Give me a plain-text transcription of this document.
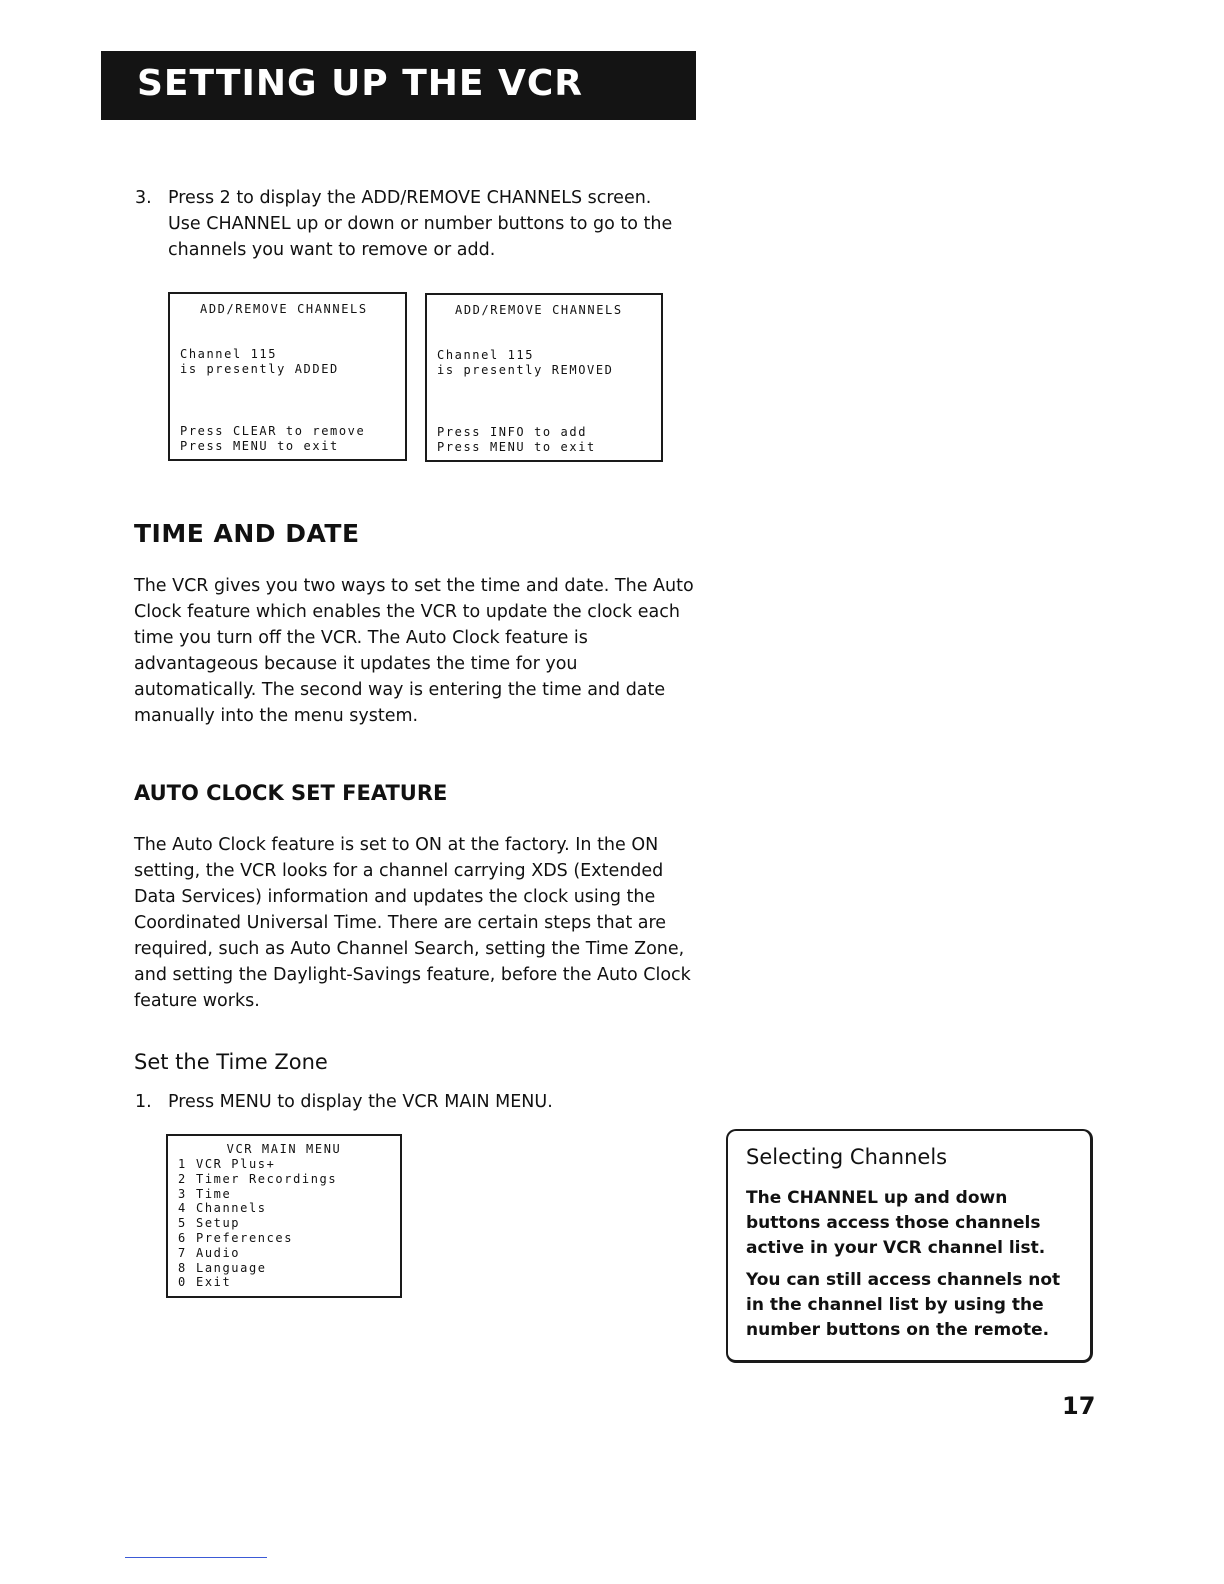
SETTING UP THE VCR
3. Press 2 to display the ADD/REMOVE CHANNELS screen. Use CHANNEL up or down or number buttons to go to the channels you want to remove or add.

ADD/REMOVE CHANNELS

Channel 115

is presently ADDED

Press CLEAR to remove

Press MENU to exit

ADD/REMOVE CHANNELS

Channel 115

is presently REMOVED

Press INFO to add

Press MENU to exit

TIME AND DATE

The VCR gives you two ways to set the time and date. The Auto Clock feature which enables the VCR to update the clock each time you turn off the VCR. The Auto Clock feature is advantageous because it updates the time for you automatically. The second way is entering the time and date manually into the menu system.

AUTO CLOCK SET FEATURE

The Auto Clock feature is set to ON at the factory. In the ON setting, the VCR looks for a channel carrying XDS (Extended Data Services) information and updates the clock using the Coordinated Universal Time. There are certain steps that are required, such as Auto Channel Search, setting the Time Zone, and setting the Daylight-Savings feature, before the Auto Clock feature works.

Set the Time Zone
1. Press MENU to display the VCR MAIN MENU.
VCR MAIN MENU
1 VCR Plus+
2 Timer Recordings
3 Time
4 Channels
5 Setup
6 Preferences
7 Audio
8 Language
0 Exit
Selecting Channels

The CHANNEL up and down buttons access those channels active in your VCR channel list.

You can still access channels not in the channel list by using the number buttons on the remote.

17
